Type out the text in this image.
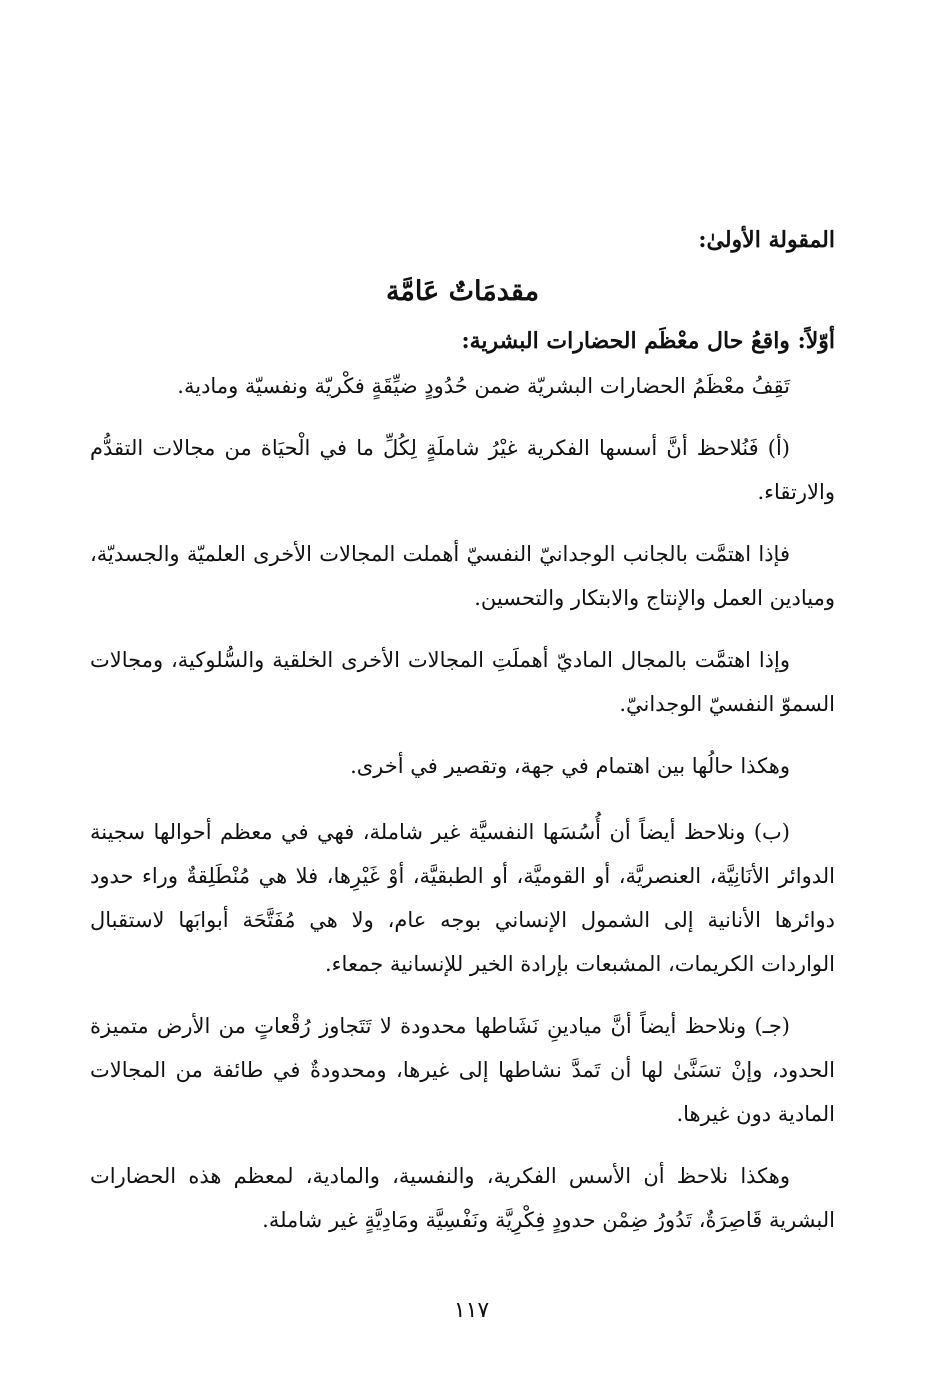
المقولة الأولىٰ:
مقدمَاتٌ عَامَّة
أوّلاً: واقعُ حال معْظَم الحضارات البشرية:

تَقِفُ معْظَمُ الحضارات البشريّة ضمن حُدُودٍ ضيِّقَةٍ فكْريّة ونفسيّة ومادية.

(أ) فَنُلاحظ أنَّ أسسها الفكرية غيْرُ شاملَةٍ لِكُلِّ ما في الْحيَاة من مجالات التقدُّم والارتقاء.

فإذا اهتمَّت بالجانب الوجدانيّ النفسيّ أهملت المجالات الأخرى العلميّة والجسديّة، وميادين العمل والإنتاج والابتكار والتحسين.

وإذا اهتمَّت بالمجال الماديّ أهملَتِ المجالات الأخرى الخلقية والسُّلوكية، ومجالات السموّ النفسيّ الوجدانيّ.

وهكذا حالُها بين اهتمام في جهة، وتقصير في أخرى.

(ب) ونلاحظ أيضاً أن أُسُسَها النفسيَّة غير شاملة، فهي في معظم أحوالها سجينة الدوائر الأنَانِيَّة، العنصريَّة، أو القوميَّة، أو الطبقيَّة، أوْ غَيْرِها، فلا هي مُنْطَلِقةٌ وراء حدود دوائرها الأنانية إلى الشمول الإنساني بوجه عام، ولا هي مُفَتَّحَة أبوابَها لاستقبال الواردات الكريمات، المشبعات بإرادة الخير للإنسانية جمعاء.

(جـ) ونلاحظ أيضاً أنَّ ميادينِ نَشَاطها محدودة لا تَتَجاوز رُقْعاتٍ من الأرض متميزة الحدود، وإنْ تسَنَّىٰ لها أن تَمدَّ نشاطها إلى غيرها، ومحدودةٌ في طائفة من المجالات المادية دون غيرها.

وهكذا نلاحظ أن الأسس الفكرية، والنفسية، والمادية، لمعظم هذه الحضارات البشرية قَاصِرَةٌ، تَدُورُ ضِمْن حدودٍ فِكْرِيَّة ونَفْسِيَّة ومَادِيَّةٍ غير شاملة.

١١٧
